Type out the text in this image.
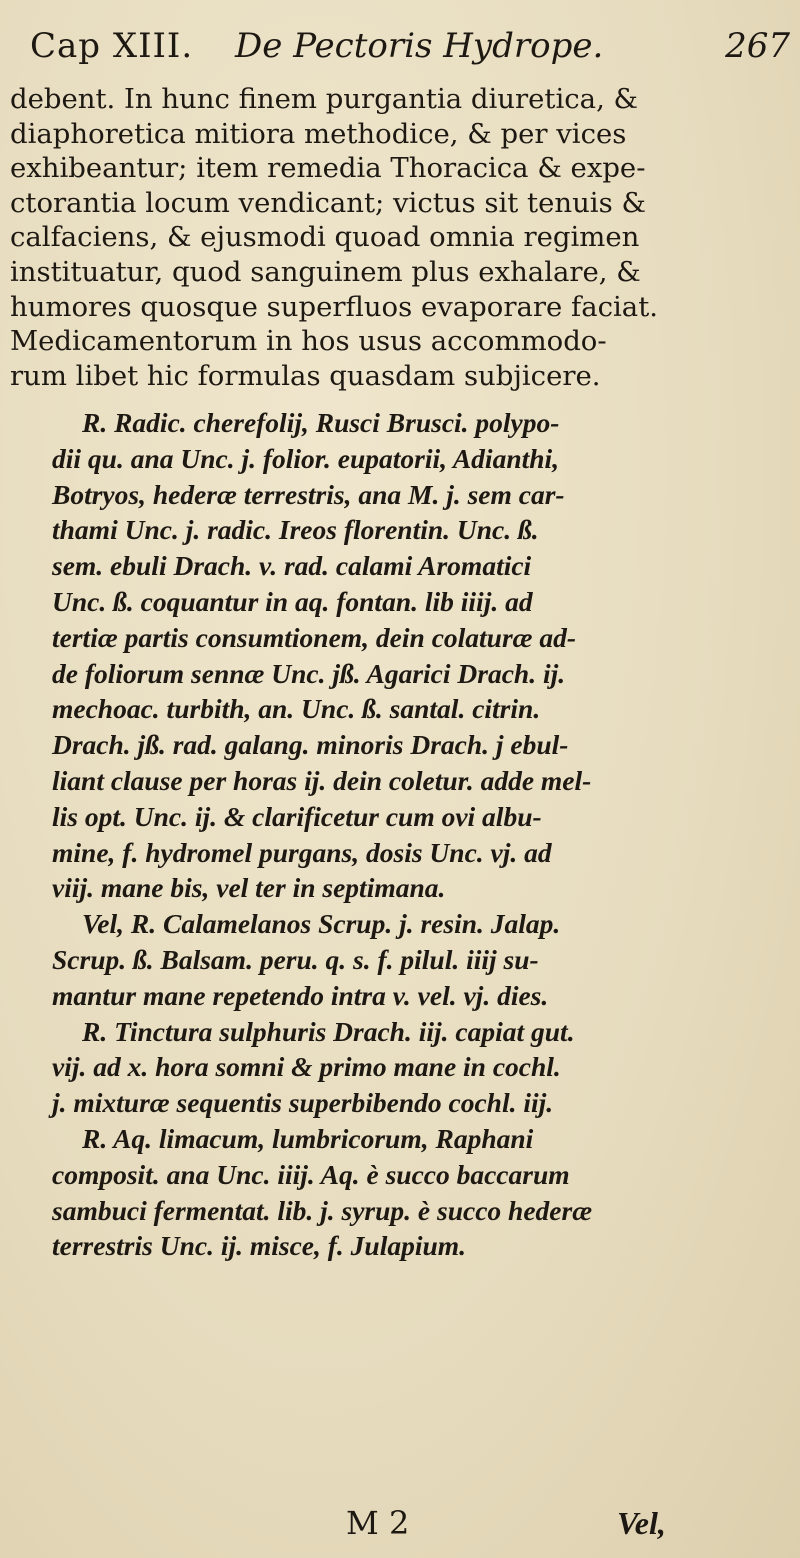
Cap XIII. De Pectoris Hydrope.	267
debent. In hunc finem purgantia diuretica, &
diaphoretica mitiora methodice, & per vices
exhibeantur; item remedia Thoracica & expe-
ctorantia locum vendicant; victus sit tenuis &
calfaciens, & ejusmodi quoad omnia regimen
instituatur, quod sanguinem plus exhalare, &
humores quosque superfluos evaporare faciat.
Medicamentorum in hos usus accommodo-
rum libet hic formulas quasdam subjicere.
R. Radic. cherefolij, Rusci Brusci. polypo-
dii qu. ana Unc. j. folior. eupatorii, Adianthi,
Botryos, hederæ terrestris, ana M. j. sem car-
thami Unc. j. radic. Ireos florentin. Unc. ß.
sem. ebuli Drach. v. rad. calami Aromatici
Unc. ß. coquantur in aq. fontan. lib iiij. ad
tertiæ partis consumtionem, dein colaturæ ad-
de foliorum sennæ Unc. jß. Agarici Drach. ij.
mechoac. turbith, an. Unc. ß. santal. citrin.
Drach. jß. rad. galang. minoris Drach. j ebul-
liant clause per horas ij. dein coletur. adde mel-
lis opt. Unc. ij. & clarificetur cum ovi albu-
mine, f. hydromel purgans, dosis Unc. vj. ad
viij. mane bis, vel ter in septimana.
Vel, R. Calamelanos Scrup. j. resin. Jalap.
Scrup. ß. Balsam. peru. q. s. f. pilul. iiij su-
mantur mane repetendo intra v. vel. vj. dies.
R. Tinctura sulphuris Drach. iij. capiat gut.
vij. ad x. hora somni & primo mane in cochl.
j. mixturæ sequentis superbibendo cochl. iij.
R. Aq. limacum, lumbricorum, Raphani
composit. ana Unc. iiij. Aq. è succo baccarum
sambuci fermentat. lib. j. syrup. è succo hederæ
terrestris Unc. ij. misce, f. Julapium.
M 2	Vel,
